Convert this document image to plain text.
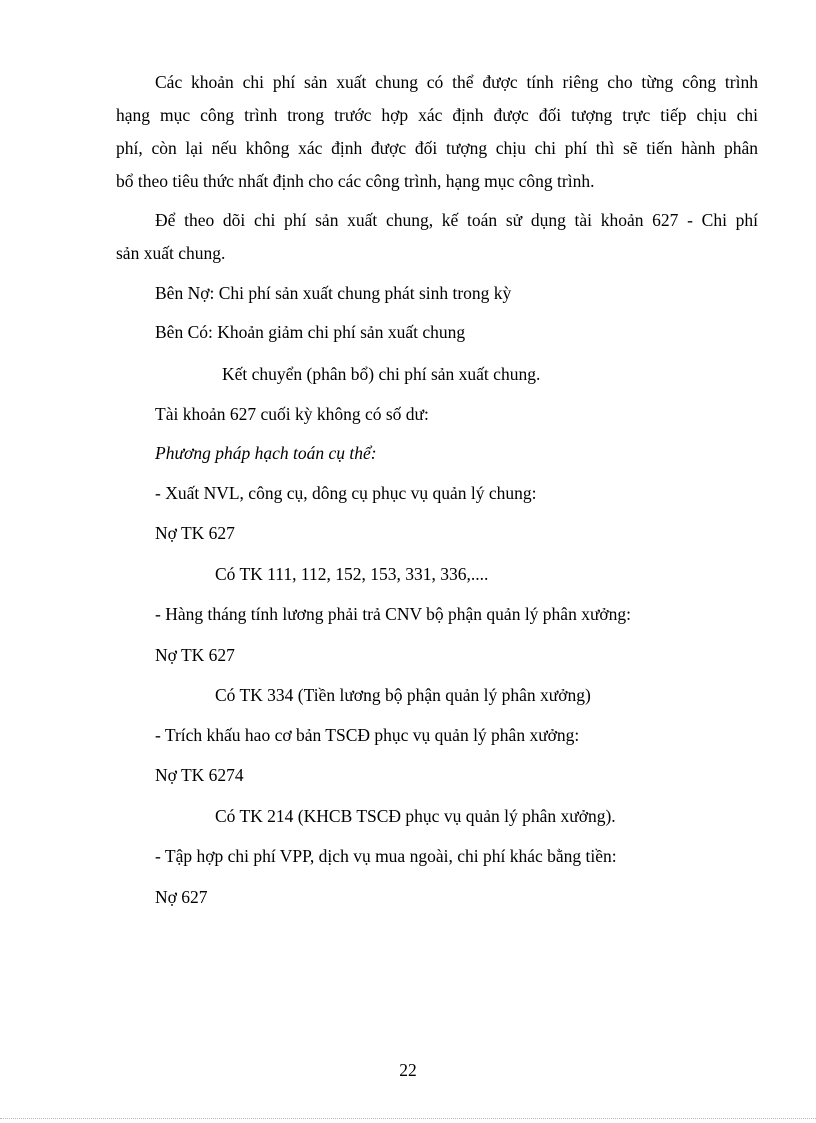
Các khoản chi phí sản xuất chung có thể được tính riêng cho từng công trình
hạng mục công trình trong trước hợp xác định được đối tượng trực tiếp chịu chi
phí, còn lại nếu không xác định được đối tượng chịu chi phí thì sẽ tiến hành phân
bổ theo tiêu thức nhất định cho các công trình, hạng mục công trình.
Để theo dõi chi phí sản xuất chung, kế toán sử dụng tài khoản 627 - Chi phí
sản xuất chung.
Bên Nợ: Chi phí sản xuất chung phát sinh trong kỳ
Bên Có: Khoản giảm chi phí sản xuất chung
Kết chuyển (phân bổ) chi phí sản xuất chung.
Tài khoản 627 cuối kỳ không có số dư:
Phương pháp hạch toán cụ thể:
- Xuất NVL, công cụ, dông cụ phục vụ quản lý chung:
Nợ TK 627
Có TK 111, 112, 152, 153, 331, 336,....
- Hàng tháng tính lương phải trả CNV bộ phận quản lý phân xưởng:
Nợ TK 627
Có TK 334 (Tiền lương bộ phận quản lý phân xưởng)
- Trích khấu hao cơ bản TSCĐ phục vụ quản lý phân xưởng:
Nợ TK 6274
Có TK 214 (KHCB TSCĐ phục vụ quản lý phân xưởng).
- Tập hợp chi phí VPP, dịch vụ mua ngoài, chi phí khác bằng tiền:
Nợ 627
22
